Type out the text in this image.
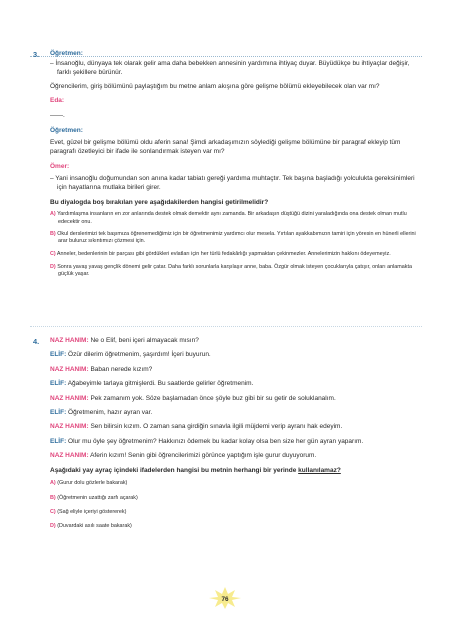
3. Öğretmen:

– İnsanoğlu, dünyaya tek olarak gelir ama daha bebekken annesinin yardımına ihtiyaç duyar. Büyüdükçe bu ihtiyaçlar değişir, farklı şekillere bürünür.

Öğrencilerim, giriş bölümünü paylaştığım bu metne anlam akışına göre gelişme bölümü ekleyebilecek olan var mı?

Eda:

——.

Öğretmen:

Evet, güzel bir gelişme bölümü oldu aferin sana! Şimdi arkadaşımızın söylediği gelişme bölümüne bir paragraf ekleyip tüm paragrafı özetleyici bir ifade ile sonlandırmak isteyen var mı?

Ömer:

– Yani insanoğlu doğumundan son anına kadar tabiatı gereği yardıma muhtaçtır. Tek başına başladığı yolculukta gereksinimleri için hayatlarına mutlaka birileri girer.

Bu diyalogda boş bırakılan yere aşağıdakilerden hangisi getirilmelidir?

A) Yardımlaşma insanların en zor anlarında destek olmak demektir aynı zamanda. Bir arkadaşın düştüğü dizini yaraladığında ona destek olman mutlu edecektir onu.
B) Okul derslerimizi tek başımıza öğrenemediğimiz için bir öğretmenimiz yardımcı olur mesela. Yırtılan ayakkabımızın tamiri için yöresin en hünerli ellerini arar buluruz sıkıntımızı çözmesi için.
C) Anneler, bedenlerinin bir parçası gibi gördükleri evlatları için her türlü fedakârlığı yapmaktan çekinmezler. Annelerimizin hakkını ödeyemeyiz.
D) Sonra yavaş yavaş gençlik dönemi gelir çatar. Daha farklı sorunlarla karşılaşır anne, baba. Özgür olmak isteyen çocuklarıyla çatışır, onları anlamakta güçlük yaşar.
4. NAZ HANIM: Ne o Elif, beni içeri almayacak mısın?

ELİF: Özür dilerim öğretmenim, şaşırdım! İçeri buyurun.

NAZ HANIM: Baban nerede kızım?

ELİF: Ağabeyimle tarlaya gitmişlerdi. Bu saatlerde gelirler öğretmenim.

NAZ HANIM: Pek zamanım yok. Söze başlamadan önce şöyle buz gibi bir su getir de soluklanalım.

ELİF: Öğretmenim, hazır ayran var.

NAZ HANIM: Sen bilirsin kızım. O zaman sana girdiğin sınavla ilgili müjdemi verip ayranı hak edeyim.

ELİF: Olur mu öyle şey öğretmenim? Hakkınızı ödemek bu kadar kolay olsa ben size her gün ayran yaparım.

NAZ HANIM: Aferin kızım! Senin gibi öğrencilerimizi görünce yaptığım işle gurur duyuyorum.

Aşağıdaki yay ayraç içindeki ifadelerden hangisi bu metnin herhangi bir yerinde kullanılamaz?

A) (Gurur dolu gözlerle bakarak)
B) (Öğretmenin uzattığı zarfı açarak)
C) (Sağ eliyle içeriyi göstererek)
D) (Duvardaki asılı saate bakarak)
76
